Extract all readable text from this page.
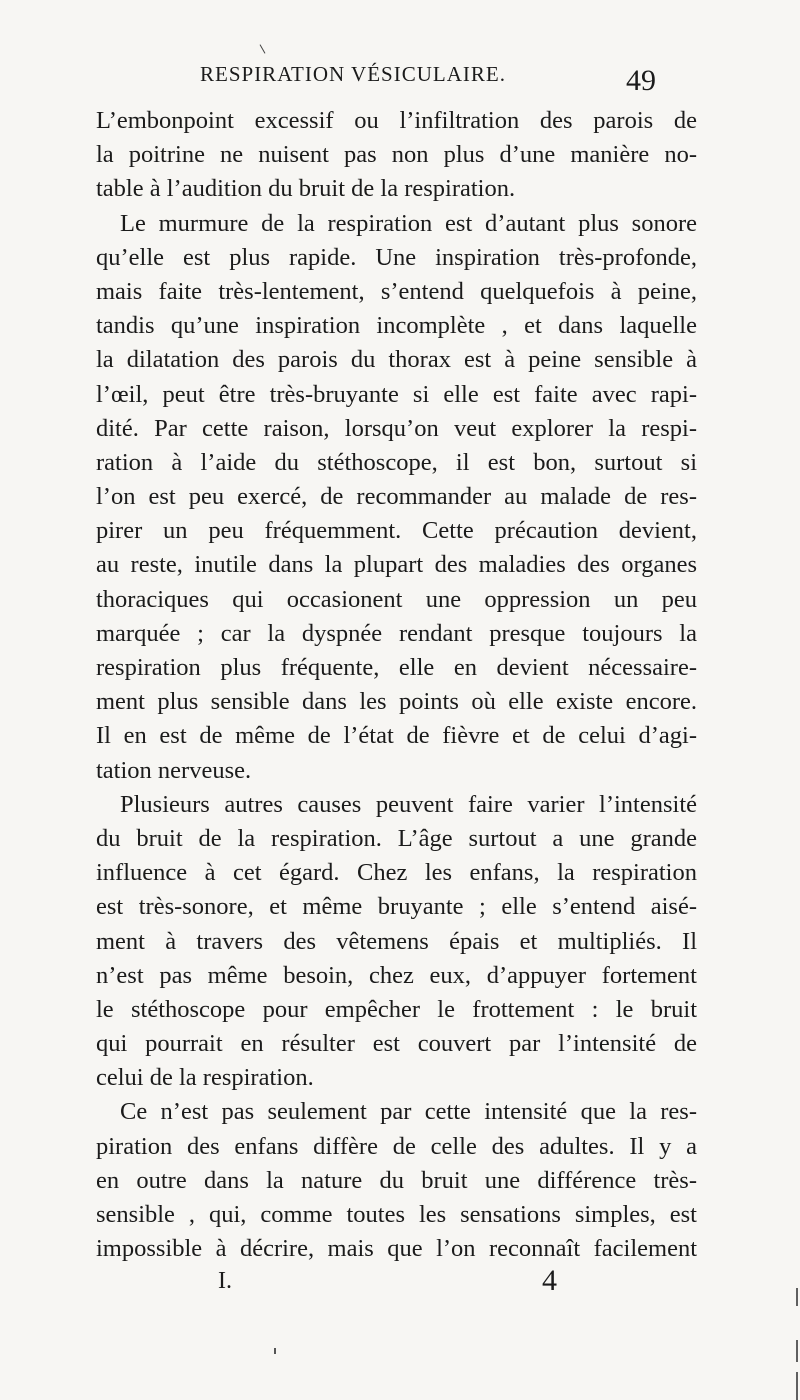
RESPIRATION VÉSICULAIRE.	49
L’embonpoint excessif ou l’infiltration des parois de
la poitrine ne nuisent pas non plus d’une manière no-
table à l’audition du bruit de la respiration.
Le murmure de la respiration est d’autant plus sonore
qu’elle est plus rapide. Une inspiration très-profonde,
mais faite très-lentement, s’entend quelquefois à peine,
tandis qu’une inspiration incomplète , et dans laquelle
la dilatation des parois du thorax est à peine sensible à
l’œil, peut être très-bruyante si elle est faite avec rapi-
dité. Par cette raison, lorsqu’on veut explorer la respi-
ration à l’aide du stéthoscope, il est bon, surtout si
l’on est peu exercé, de recommander au malade de res-
pirer un peu fréquemment. Cette précaution devient,
au reste, inutile dans la plupart des maladies des organes
thoraciques qui occasionent une oppression un peu
marquée ; car la dyspnée rendant presque toujours la
respiration plus fréquente, elle en devient nécessaire-
ment plus sensible dans les points où elle existe encore.
Il en est de même de l’état de fièvre et de celui d’agi-
tation nerveuse.
Plusieurs autres causes peuvent faire varier l’intensité
du bruit de la respiration. L’âge surtout a une grande
influence à cet égard. Chez les enfans, la respiration
est très-sonore, et même bruyante ; elle s’entend aisé-
ment à travers des vêtemens épais et multipliés. Il
n’est pas même besoin, chez eux, d’appuyer fortement
le stéthoscope pour empêcher le frottement : le bruit
qui pourrait en résulter est couvert par l’intensité de
celui de la respiration.
Ce n’est pas seulement par cette intensité que la res-
piration des enfans diffère de celle des adultes. Il y a
en outre dans la nature du bruit une différence très-
sensible , qui, comme toutes les sensations simples, est
impossible à décrire, mais que l’on reconnaît facilement
I.	4
